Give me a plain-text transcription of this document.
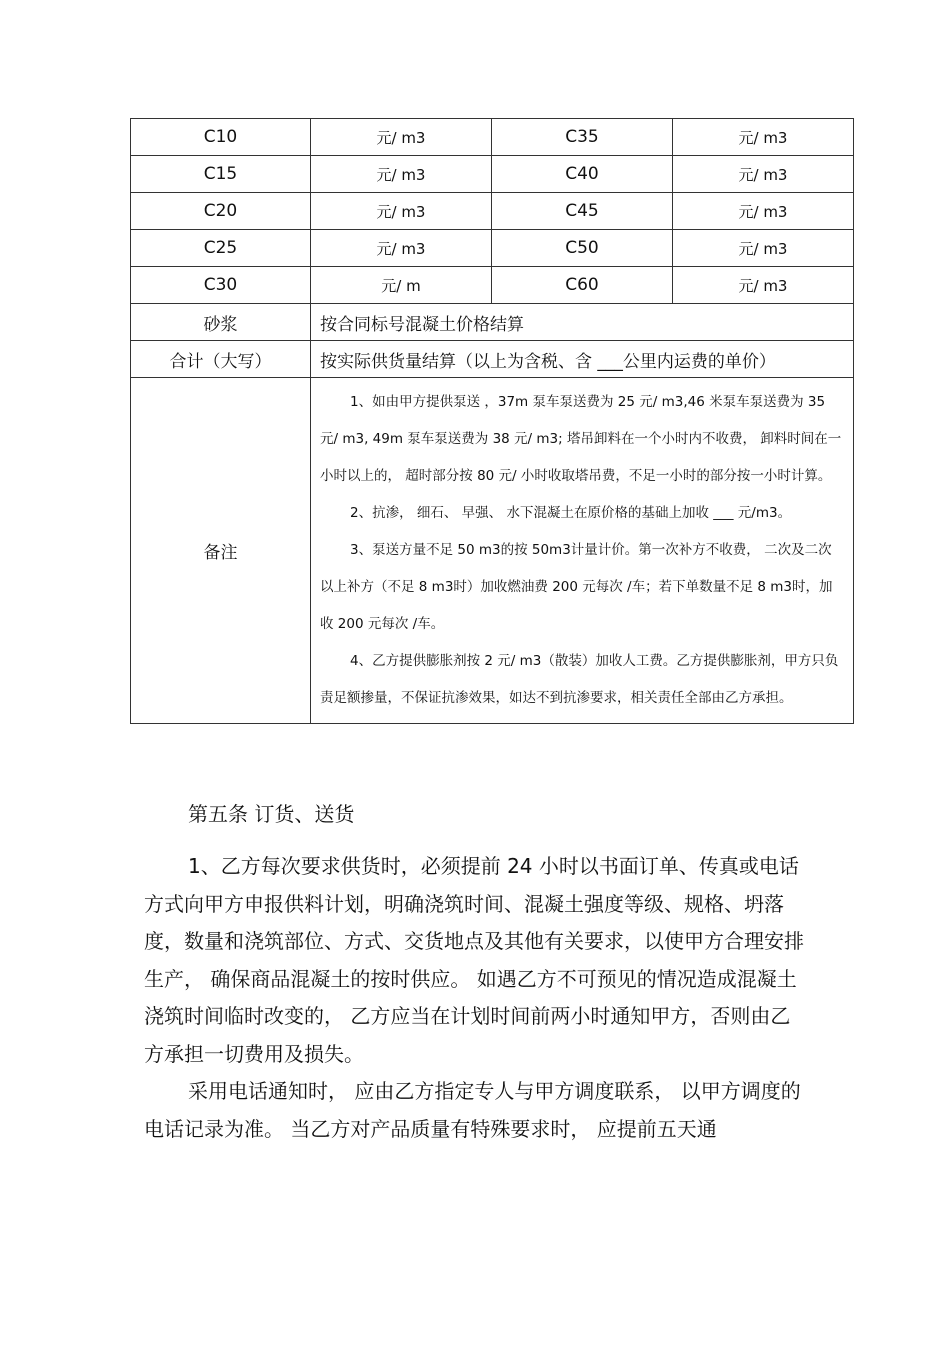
C10	元/ m3	C35	元/ m3
C15	元/ m3	C40	元/ m3
C20	元/ m3	C45	元/ m3
C25	元/ m3	C50	元/ m3
C30	元/ m	C60	元/ m3
砂浆	按合同标号混凝土价格结算		
合计（大写）	按实际供货量结算（以上为含税、含 ___公里内运费的单价）		
备注	1、如由甲方提供泵送 ，37m 泵车泵送费为 25 元/ m3,46 米泵车泵送费为 35 元/ m3, 49m 泵车泵送费为 38 元/ m3; 塔吊卸料在一个小时内不收费， 卸料时间在一小时以上的， 超时部分按 80 元/ 小时收取塔吊费，不足一小时的部分按一小时计算。

2、抗渗， 细石、 早强、 水下混凝土在原价格的基础上加收 ___ 元/m3。

3、泵送方量不足 50 m3的按 50m3计量计价。第一次补方不收费， 二次及二次以上补方（不足 8 m3时）加收燃油费 200 元每次 /车；若下单数量不足 8 m3时，加收 200 元每次 /车。

4、乙方提供膨胀剂按 2 元/ m3（散装）加收人工费。乙方提供膨胀剂，甲方只负责足额掺量，不保证抗渗效果，如达不到抗渗要求，相关责任全部由乙方承担。		

第五条 订货、送货

1、乙方每次要求供货时，必须提前 24 小时以书面订单、传真或电话方式向甲方申报供料计划，明确浇筑时间、混凝土强度等级、规格、坍落度，数量和浇筑部位、方式、交货地点及其他有关要求，以使甲方合理安排生产， 确保商品混凝土的按时供应。 如遇乙方不可预见的情况造成混凝土浇筑时间临时改变的， 乙方应当在计划时间前两小时通知甲方，否则由乙方承担一切费用及损失。

采用电话通知时， 应由乙方指定专人与甲方调度联系， 以甲方调度的电话记录为准。 当乙方对产品质量有特殊要求时， 应提前五天通
